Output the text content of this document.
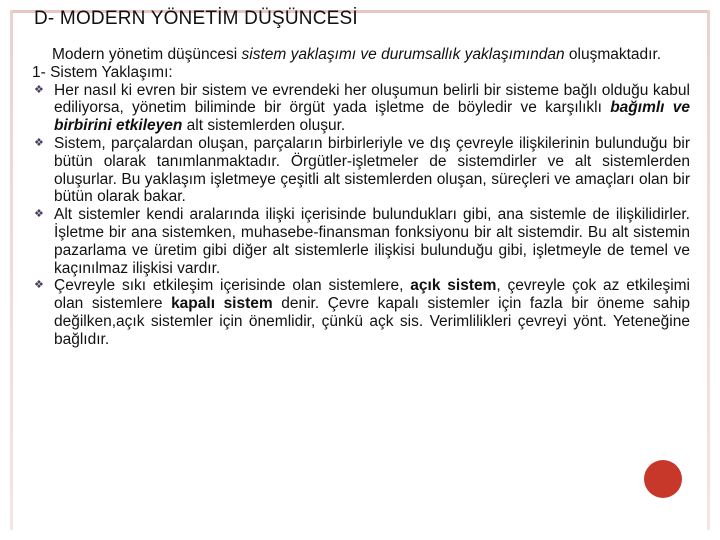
D- MODERN YÖNETİM DÜŞÜNCESİ

Modern yönetim düşüncesi sistem yaklaşımı ve durumsallık yaklaşımından oluşmaktadır.

1- Sistem Yaklaşımı:

❖ Her nasıl ki evren bir sistem ve evrendeki her oluşumun belirli bir sisteme bağlı olduğu kabul ediliyorsa, yönetim biliminde bir örgüt yada işletme de böyledir ve karşılıklı bağımlı ve birbirini etkileyen alt sistemlerden oluşur.
❖ Sistem, parçalardan oluşan, parçaların birbirleriyle ve dış çevreyle ilişkilerinin bulunduğu bir bütün olarak tanımlanmaktadır. Örgütler-işletmeler de sistemdirler ve alt sistemlerden oluşurlar. Bu yaklaşım işletmeye çeşitli alt sistemlerden oluşan, süreçleri ve amaçları olan bir bütün olarak bakar.
❖ Alt sistemler kendi aralarında ilişki içerisinde bulundukları gibi, ana sistemle de ilişkilidirler. İşletme bir ana sistemken, muhasebe-finansman fonksiyonu bir alt sistemdir. Bu alt sistemin pazarlama ve üretim gibi diğer alt sistemlerle ilişkisi bulunduğu gibi, işletmeyle de temel ve kaçınılmaz ilişkisi vardır.
❖ Çevreyle sıkı etkileşim içerisinde olan sistemlere, açık sistem, çevreyle çok az etkileşimi olan sistemlere kapalı sistem denir. Çevre kapalı sistemler için fazla bir öneme sahip değilken,açık sistemler için önemlidir, çünkü açk sis. Verimlilikleri çevreyi yönt. Yeteneğine bağlıdır.
